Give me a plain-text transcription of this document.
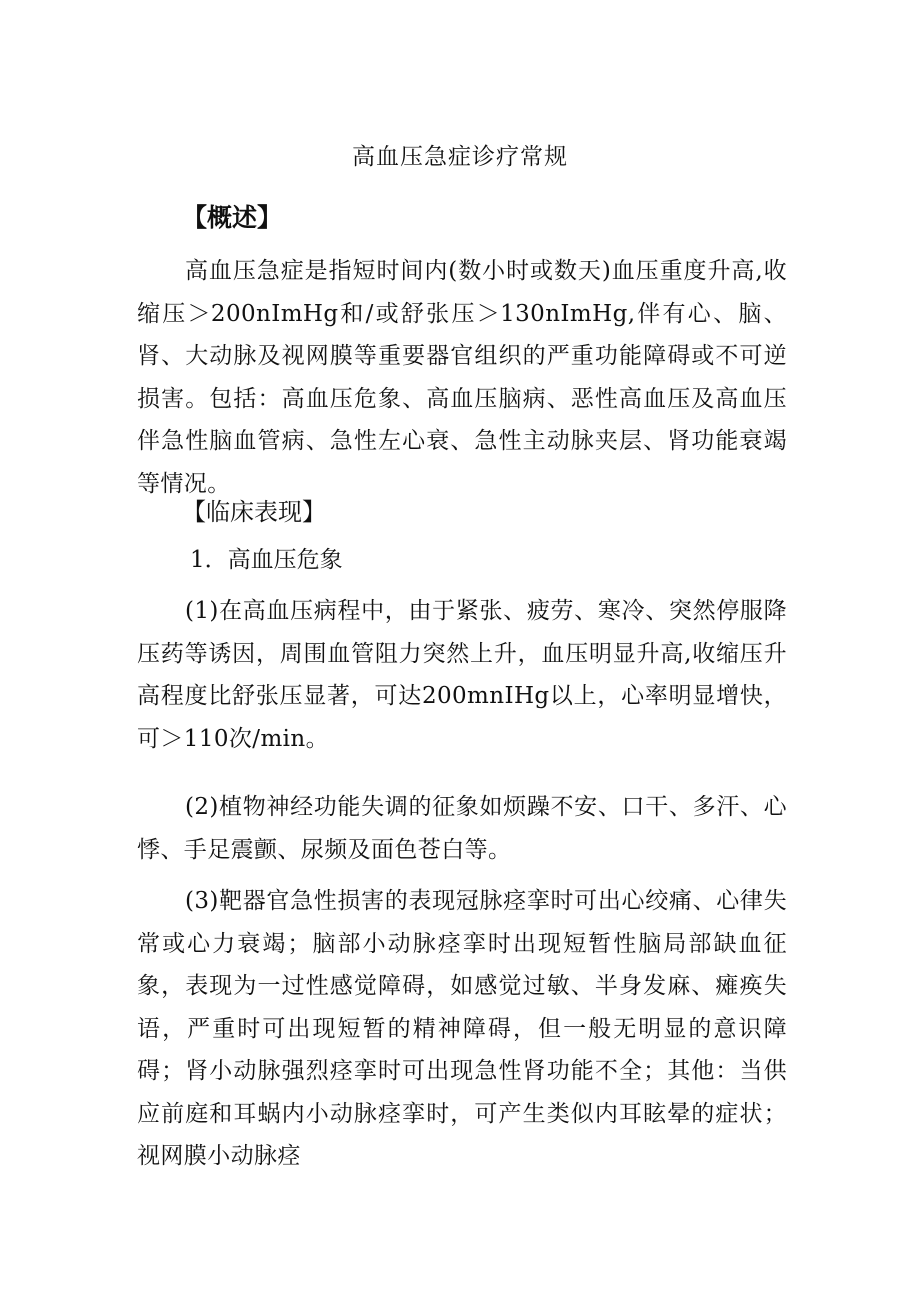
高血压急症诊疗常规
【概述】
高血压急症是指短时间内(数小时或数天)血压重度升高,收缩压＞200nImHg和/或舒张压＞130nImHg,伴有心、脑、肾、大动脉及视网膜等重要器官组织的严重功能障碍或不可逆损害。包括：高血压危象、高血压脑病、恶性高血压及高血压伴急性脑血管病、急性左心衰、急性主动脉夹层、肾功能衰竭等情况。
【临床表现】
1．高血压危象
(1)在高血压病程中，由于紧张、疲劳、寒冷、突然停服降压药等诱因，周围血管阻力突然上升，血压明显升高,收缩压升高程度比舒张压显著，可达200mnIHg以上，心率明显增快，可＞110次/min。
(2)植物神经功能失调的征象如烦躁不安、口干、多汗、心悸、手足震颤、尿频及面色苍白等。
(3)靶器官急性损害的表现冠脉痉挛时可出心绞痛、心律失常或心力衰竭；脑部小动脉痉挛时出现短暂性脑局部缺血征象，表现为一过性感觉障碍，如感觉过敏、半身发麻、瘫痪失语，严重时可出现短暂的精神障碍，但一般无明显的意识障碍；肾小动脉强烈痉挛时可出现急性肾功能不全；其他：当供应前庭和耳蜗内小动脉痉挛时，可产生类似内耳眩晕的症状；视网膜小动脉痉
